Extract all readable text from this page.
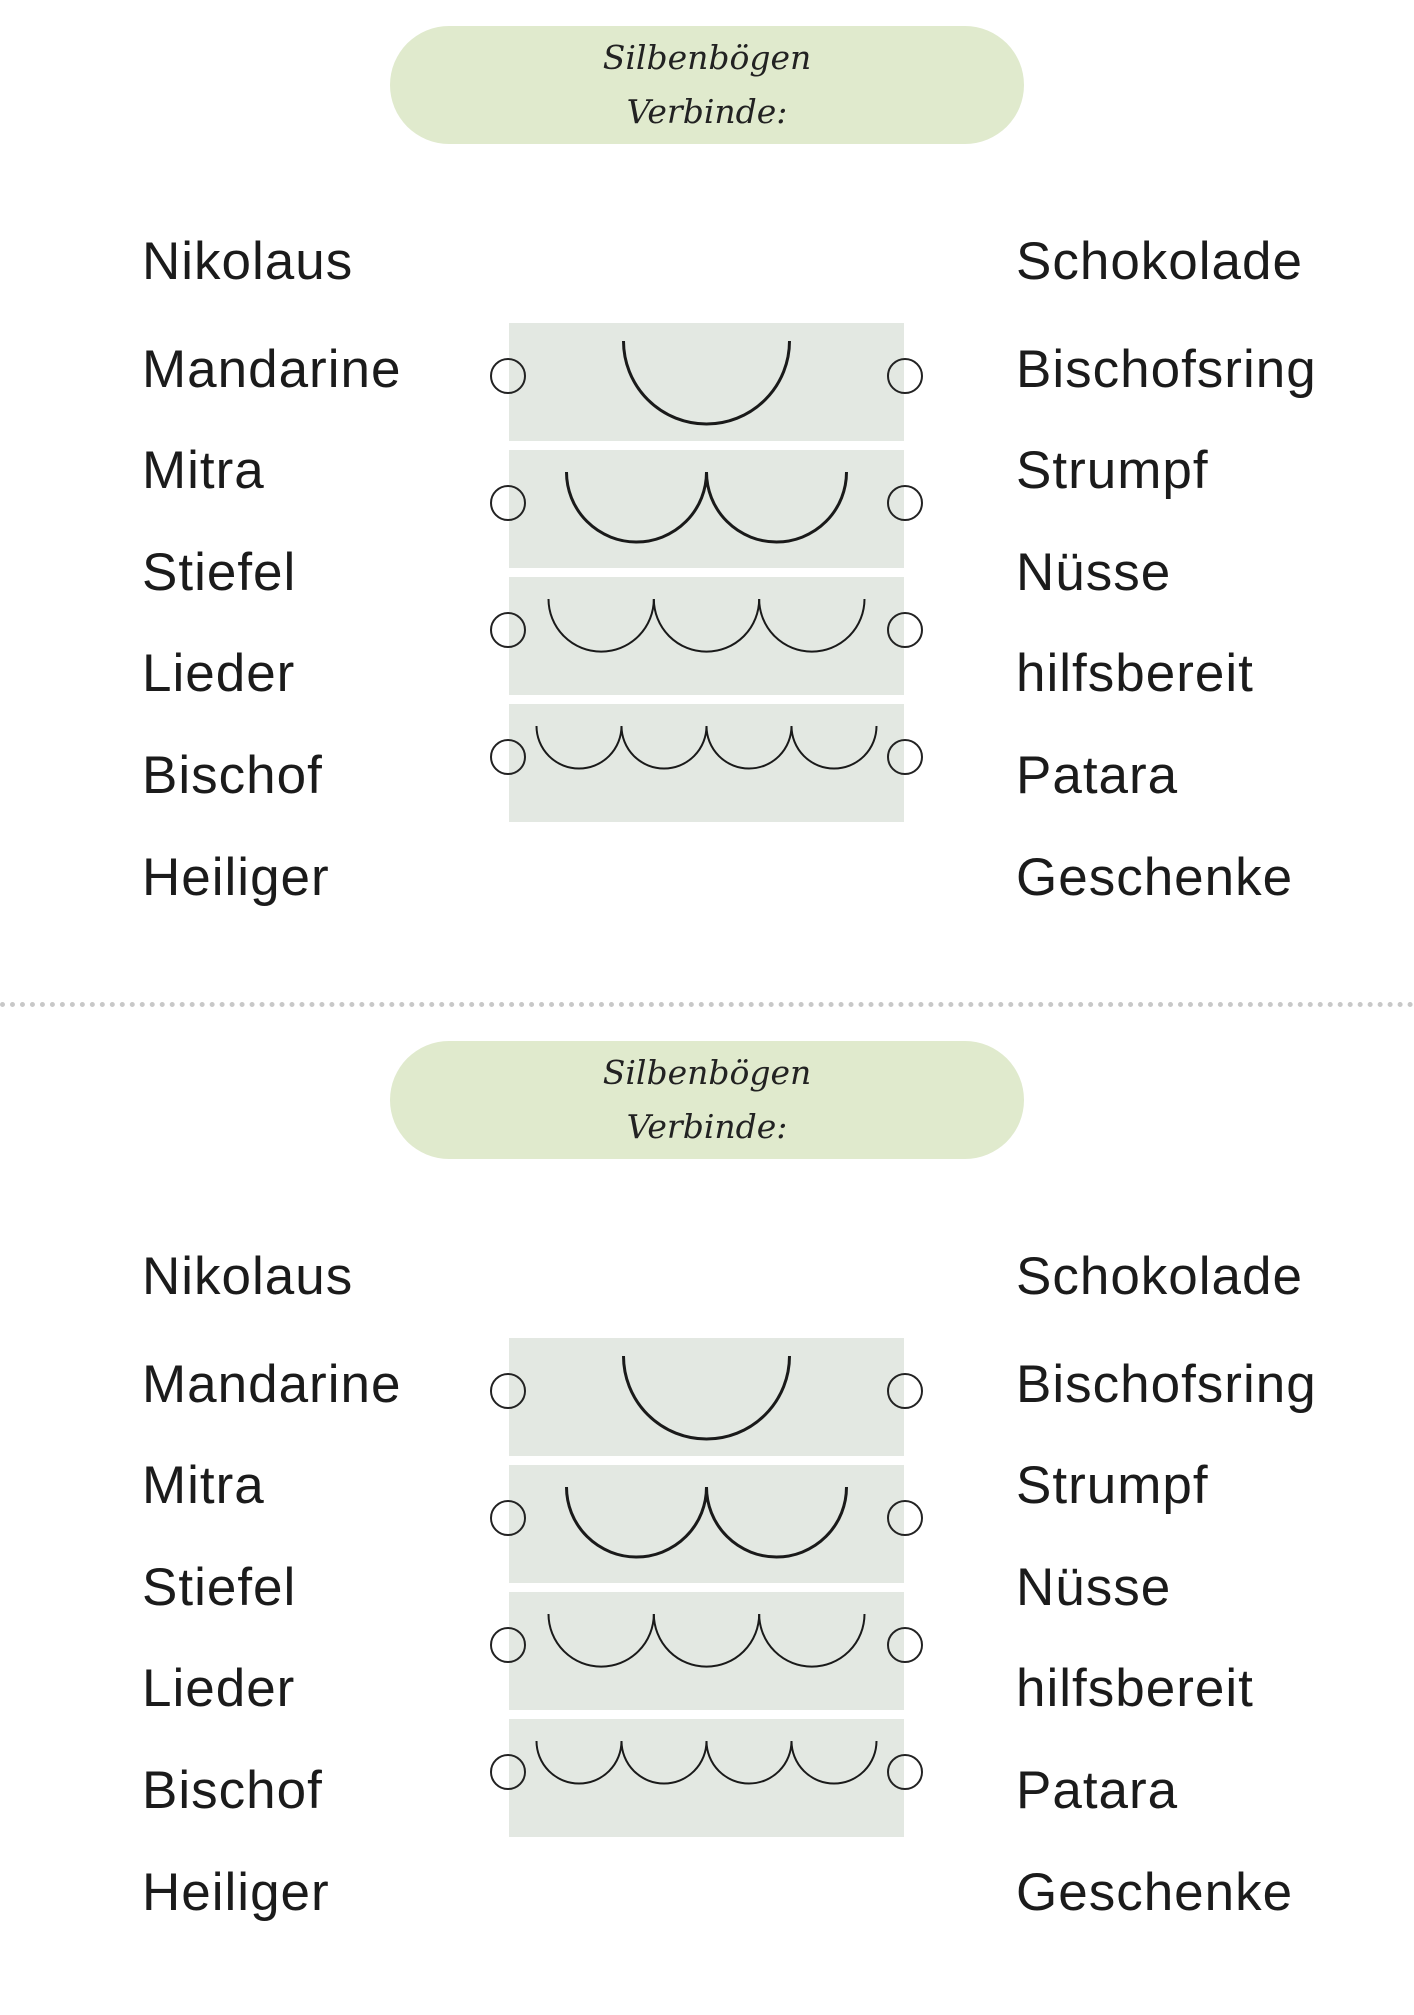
Silbenbögen
Verbinde:
Nikolaus
Mandarine
Mitra
Stiefel
Lieder
Bischof
Heiliger
Schokolade
Bischofsring
Strumpf
Nüsse
hilfsbereit
Patara
Geschenke
Silbenbögen
Verbinde:
Nikolaus
Mandarine
Mitra
Stiefel
Lieder
Bischof
Heiliger
Schokolade
Bischofsring
Strumpf
Nüsse
hilfsbereit
Patara
Geschenke
